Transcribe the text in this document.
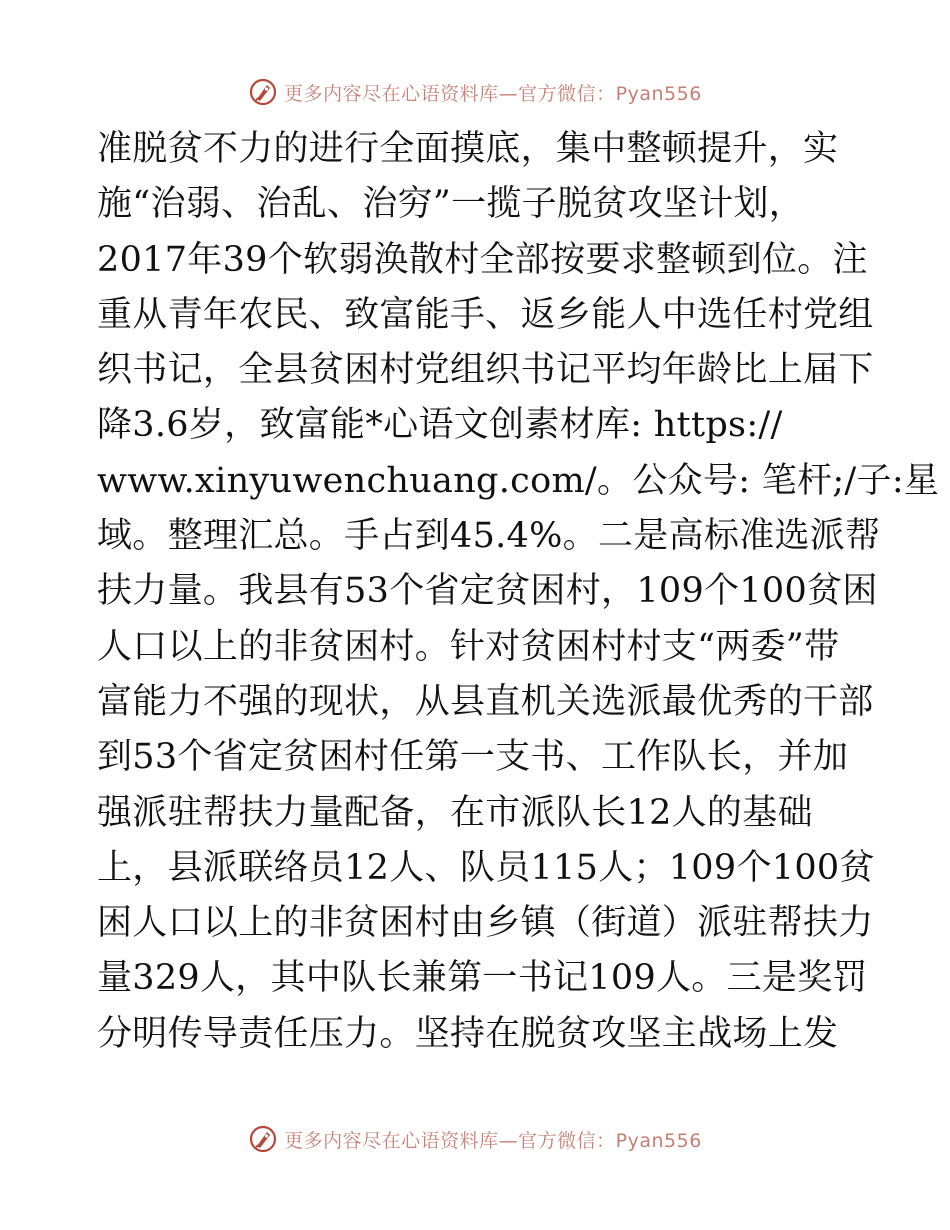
更多内容尽在心语资料库—官方微信：Pyan556
准脱贫不力的进行全面摸底，集中整顿提升，实
施“治弱、治乱、治穷”一揽子脱贫攻坚计划，
2017年39个软弱涣散村全部按要求整顿到位。注
重从青年农民、致富能手、返乡能人中选任村党组
织书记，全县贫困村党组织书记平均年龄比上届下
降3.6岁，致富能*心语文创素材库: https://
www.xinyuwenchuang.com/。公众号: 笔杆;/子:星
域。整理汇总。手占到45.4%。二是高标准选派帮
扶力量。我县有53个省定贫困村，109个100贫困
人口以上的非贫困村。针对贫困村村支“两委”带
富能力不强的现状，从县直机关选派最优秀的干部
到53个省定贫困村任第一支书、工作队长，并加
强派驻帮扶力量配备，在市派队长12人的基础
上，县派联络员12人、队员115人；109个100贫
困人口以上的非贫困村由乡镇（街道）派驻帮扶力
量329人，其中队长兼第一书记109人。三是奖罚
分明传导责任压力。坚持在脱贫攻坚主战场上发
更多内容尽在心语资料库—官方微信：Pyan556
